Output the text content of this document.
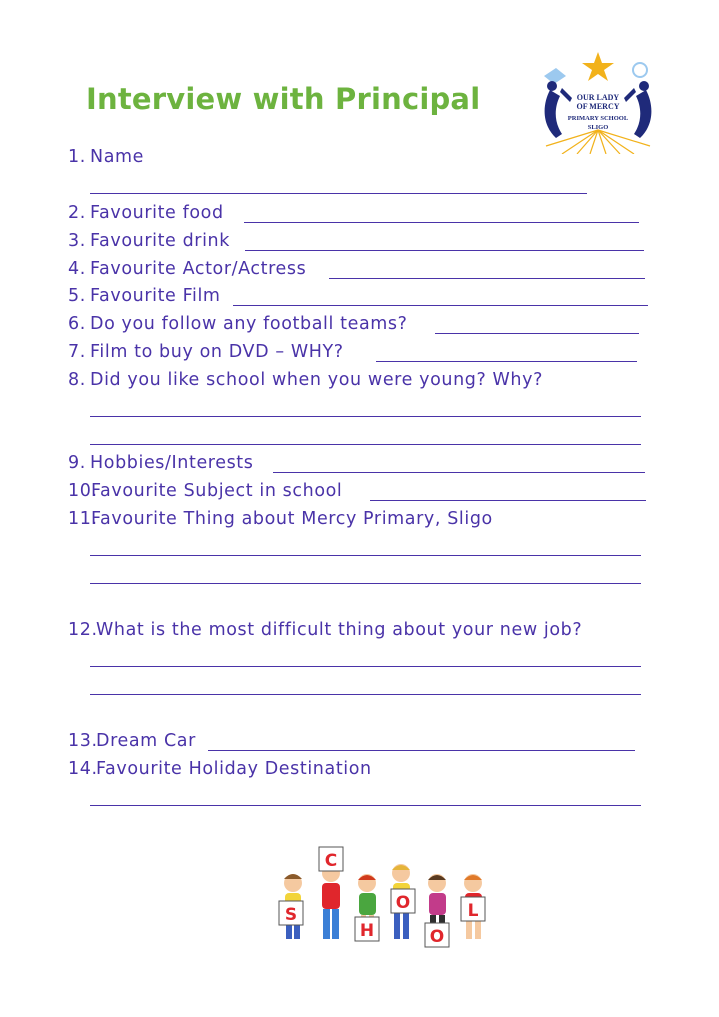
Interview with Principal	OUR LADY
OF MERCY
PRIMARY SCHOOL
SLIGO
1. Name
2. Favourite food
3. Favourite drink
4. Favourite Actor/Actress
5. Favourite Film
6. Do you follow any football teams?
7. Film to buy on DVD – WHY?
8. Did you like school when you were young? Why?
9. Hobbies/Interests
10.
Favourite Subject in school
11.
Favourite Thing about Mercy Primary, Sligo
12.
What is the most difficult thing about your new job?
13.
Dream Car
14.
Favourite Holiday Destination
S
C
H
O
O
L
